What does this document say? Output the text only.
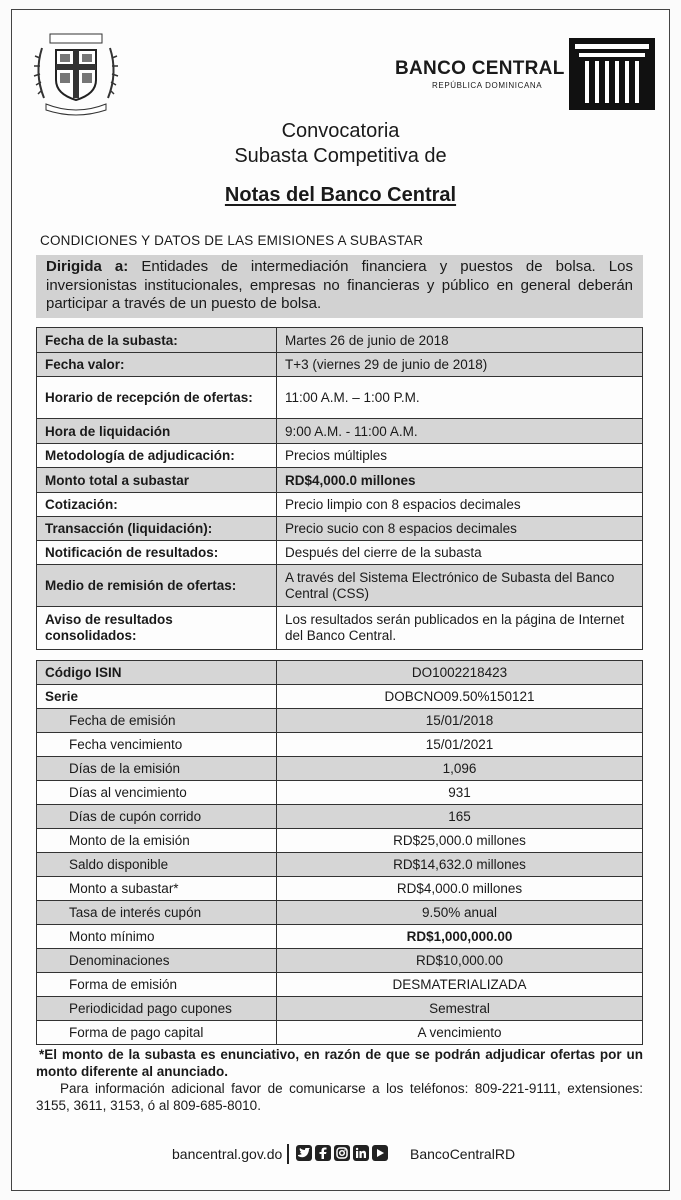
BANCO CENTRAL
REPÚBLICA DOMINICANA
Convocatoria
Subasta Competitiva de
Notas del Banco Central
CONDICIONES Y DATOS DE LAS EMISIONES A SUBASTAR
Dirigida a: Entidades de intermediación financiera y puestos de bolsa. Los inversionistas institucionales, empresas no financieras y público en general deberán participar a través de un puesto de bolsa.
Fecha de la subasta:	Martes 26 de junio de 2018
Fecha valor:	T+3 (viernes 29 de junio de 2018)
Horario de recepción de ofertas:	11:00 A.M. – 1:00 P.M.
Hora de liquidación	9:00 A.M. - 11:00 A.M.
Metodología de adjudicación:	Precios múltiples
Monto total a subastar	RD$4,000.0 millones
Cotización:	Precio limpio con 8 espacios decimales
Transacción (liquidación):	Precio sucio con 8 espacios decimales
Notificación de resultados:	Después del cierre de la subasta
Medio de remisión de ofertas:	A través del Sistema Electrónico de Subasta del Banco Central (CSS)
Aviso de resultados consolidados:	Los resultados serán publicados en la página de Internet del Banco Central.
Código ISIN	DO1002218423
Serie	DOBCNO09.50%150121
Fecha de emisión	15/01/2018
Fecha vencimiento	15/01/2021
Días de la emisión	1,096
Días al vencimiento	931
Días de cupón corrido	165
Monto de la emisión	RD$25,000.0 millones
Saldo disponible	RD$14,632.0 millones
Monto a subastar*	RD$4,000.0 millones
Tasa de interés cupón	9.50% anual
Monto mínimo	RD$1,000,000.00
Denominaciones	RD$10,000.00
Forma de emisión	DESMATERIALIZADA
Periodicidad pago cupones	Semestral
Forma de pago capital	A vencimiento
*El monto de la subasta es enunciativo, en razón de que se podrán adjudicar ofertas por un monto diferente al anunciado.
Para información adicional favor de comunicarse a los teléfonos: 809-221-9111, extensiones: 3155, 3611, 3153, ó al 809-685-8010.
bancentral.gov.do	BancoCentralRD
